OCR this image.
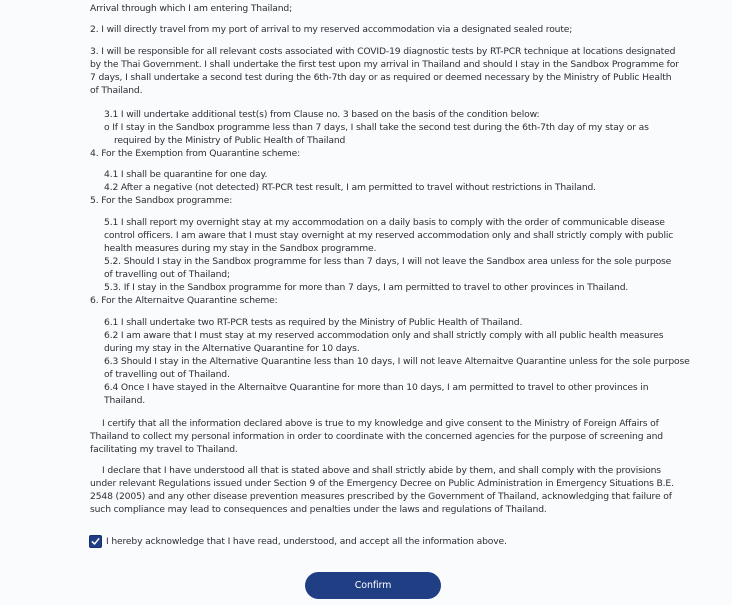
Arrival through which I am entering Thailand;
2. I will directly travel from my port of arrival to my reserved accommodation via a designated sealed route;
3. I will be responsible for all relevant costs associated with COVID-19 diagnostic tests by RT-PCR technique at locations designated
by the Thai Government. I shall undertake the first test upon my arrival in Thailand and should I stay in the Sandbox Programme for
7 days, I shall undertake a second test during the 6th-7th day or as required or deemed necessary by the Ministry of Public Health
of Thailand.
3.1 I will undertake additional test(s) from Clause no. 3 based on the basis of the condition below:
o If I stay in the Sandbox programme less than 7 days, I shall take the second test during the 6th-7th day of my stay or as
required by the Ministry of Public Health of Thailand
4. For the Exemption from Quarantine scheme:
4.1 I shall be quarantine for one day.
4.2 After a negative (not detected) RT-PCR test result, I am permitted to travel without restrictions in Thailand.
5. For the Sandbox programme:
5.1 I shall report my overnight stay at my accommodation on a daily basis to comply with the order of communicable disease
control officers. I am aware that I must stay overnight at my reserved accommodation only and shall strictly comply with public
health measures during my stay in the Sandbox programme.
5.2. Should I stay in the Sandbox programme for less than 7 days, I will not leave the Sandbox area unless for the sole purpose
of travelling out of Thailand;
5.3. If I stay in the Sandbox programme for more than 7 days, I am permitted to travel to other provinces in Thailand.
6. For the Alternaitve Quarantine scheme:
6.1 I shall undertake two RT-PCR tests as required by the Ministry of Public Health of Thailand.
6.2 I am aware that I must stay at my reserved accommodation only and shall strictly comply with all public health measures
during my stay in the Alternative Quarantine for 10 days.
6.3 Should I stay in the Alternative Quarantine less than 10 days, I will not leave Alternaitve Quarantine unless for the sole purpose
of travelling out of Thailand.
6.4 Once I have stayed in the Alternaitve Quarantine for more than 10 days, I am permitted to travel to other provinces in
Thailand.
I certify that all the information declared above is true to my knowledge and give consent to the Ministry of Foreign Affairs of
Thailand to collect my personal information in order to coordinate with the concerned agencies for the purpose of screening and
facilitating my travel to Thailand.
I declare that I have understood all that is stated above and shall strictly abide by them, and shall comply with the provisions
under relevant Regulations issued under Section 9 of the Emergency Decree on Public Administration in Emergency Situations B.E.
2548 (2005) and any other disease prevention measures prescribed by the Government of Thailand, acknowledging that failure of
such compliance may lead to consequences and penalties under the laws and regulations of Thailand.
I hereby acknowledge that I have read, understood, and accept all the information above.
Confirm
